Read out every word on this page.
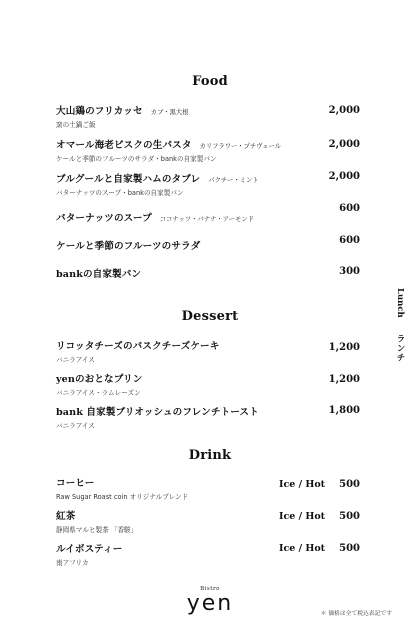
Food
大山鶏のフリカッセ カブ・黒大根
窯の土鍋ご飯
2,000
オマール海老ビスクの生パスタ カリフラワー・プチヴェール
ケールと季節のフルーツのサラダ・bankの自家製パン
2,000
ブルグールと自家製ハムのタブレ パクチー・ミント
バターナッツのスープ・bankの自家製パン
2,000
バターナッツのスープ ココナッツ・バナナ・アーモンド
600
ケールと季節のフルーツのサラダ
600
bankの自家製パン	300
Dessert
リコッタチーズのバスクチーズケーキ
バニラアイス
1,200
yenのおとなプリン
バニラアイス・ラムレーズン
1,200
bank 自家製ブリオッシュのフレンチトースト
バニラアイス
1,800
Drink
コーヒー
Raw Sugar Roast coin オリジナルブレンド
Ice / Hot 500
紅茶
静岡県マルヒ製茶 「香駿」
Ice / Hot 500
ルイボスティー
南アフリカ
Ice / Hot 500
Lunch
ランチ
Bistro
yen	＊ 価格は全て税込表記です
